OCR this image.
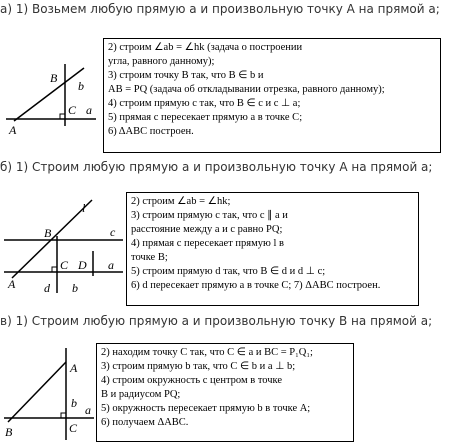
а) 1) Возьмем любую прямую a и произвольную точку A на прямой a;
A
B
C a
b
2) строим ∠ab = ∠hk (задача о построении
угла, равного данному);
3) строим точку B так, что B ∈ b и
AB = PQ (задача об откладывании отрезка, равного данному);
4) строим прямую c так, что B ∈ c и c ⊥ a;
5) прямая c пересекает прямую a в точке C;
6) ΔABC построен.
б) 1) Строим любую прямую a и произвольную точку A на прямой a;
A
B
C D a
b
c
d
l	2) строим ∠ab = ∠hk;
3) строим прямую c так, что c ∥ a и
расстояние между a и c равно PQ;
4) прямая c пересекает прямую l в
точке B;
5) строим прямую d так, что B ∈ d и d ⊥ c;
6) d пересекает прямую a в точке C; 7) ΔABC построен.
в) 1) Строим любую прямую a и произвольную точку B на прямой a;
A
B	C
a
b
2) находим точку C так, что C ∈ a и BC = P₁Q₁;
3) строим прямую b так, что C ∈ b и a ⊥ b;
4) строим окружность с центром в точке
B и радиусом PQ;
5) окружность пересекает прямую b в точке A;
6) получаем ΔABC.
